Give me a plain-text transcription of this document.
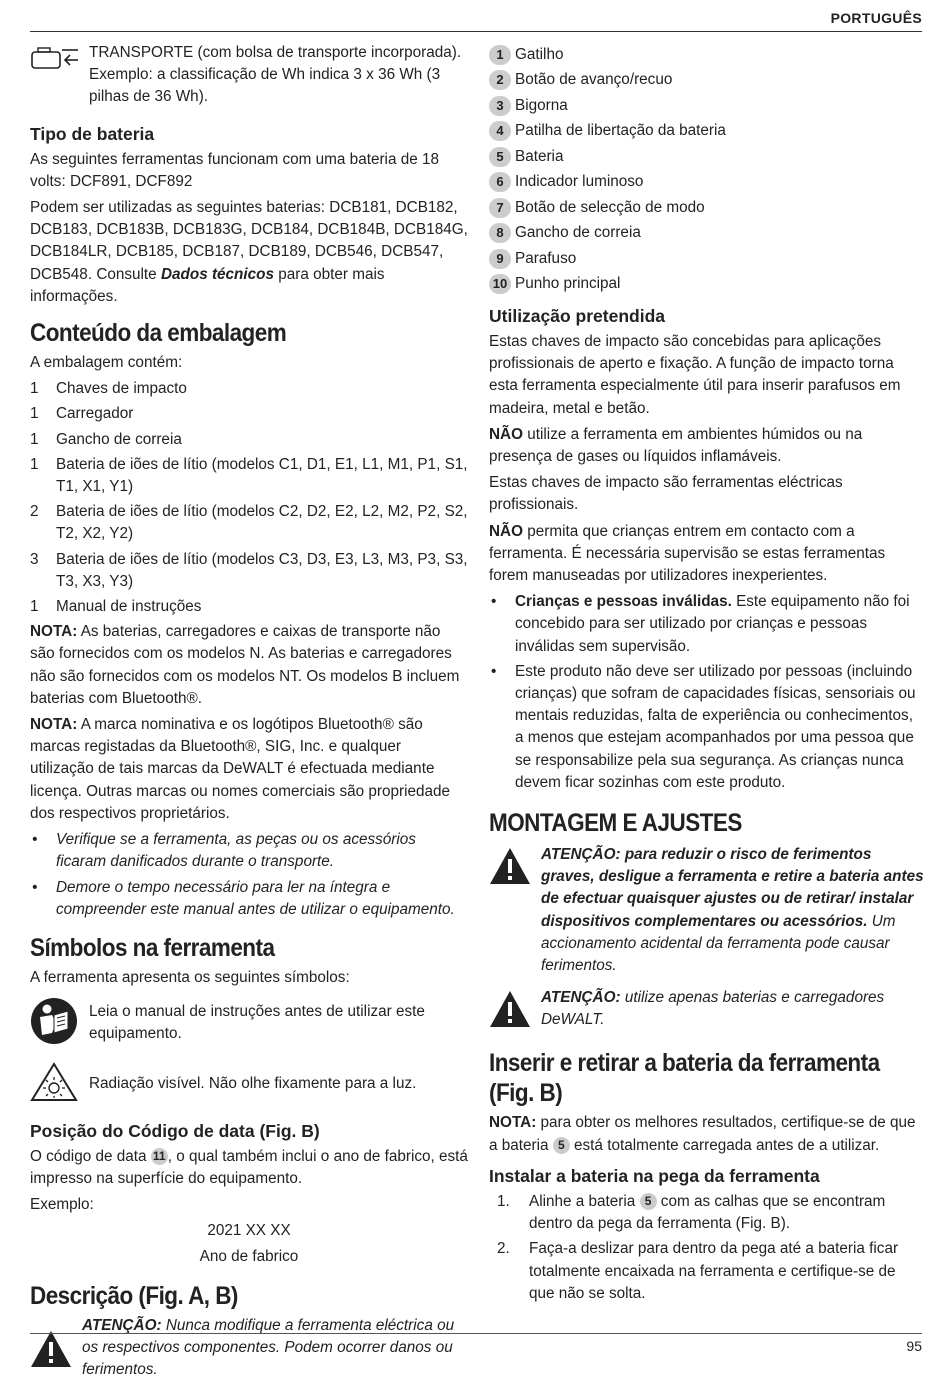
PORTUGUÊS

TRANSPORTE (com bolsa de transporte incorporada). Exemplo: a classificação de Wh indica 3 x 36 Wh (3 pilhas de 36 Wh).

Tipo de bateria

As seguintes ferramentas funcionam com uma bateria de 18 volts: DCF891, DCF892

Podem ser utilizadas as seguintes baterias: DCB181, DCB182, DCB183, DCB183B, DCB183G, DCB184, DCB184B, DCB184G, DCB184LR, DCB185, DCB187, DCB189, DCB546, DCB547, DCB548. Consulte Dados técnicos para obter mais informações.

Conteúdo da embalagem

A embalagem contém:

1	Chaves de impacto
1	Carregador
1	Gancho de correia
1	Bateria de iões de lítio (modelos C1, D1, E1, L1, M1, P1, S1, T1, X1, Y1)
2	Bateria de iões de lítio (modelos C2, D2, E2, L2, M2, P2, S2, T2, X2, Y2)
3	Bateria de iões de lítio (modelos C3, D3, E3, L3, M3, P3, S3, T3, X3, Y3)
1	Manual de instruções

NOTA: As baterias, carregadores e caixas de transporte não são fornecidos com os modelos N. As baterias e carregadores não são fornecidos com os modelos NT. Os modelos B incluem baterias com Bluetooth®.

NOTA: A marca nominativa e os logótipos Bluetooth® são marcas registadas da Bluetooth®, SIG, Inc. e qualquer utilização de tais marcas da DeWALT é efectuada mediante licença. Outras marcas ou nomes comerciais são propriedade dos respectivos proprietários.

•	Verifique se a ferramenta, as peças ou os acessórios ficaram danificados durante o transporte.
•	Demore o tempo necessário para ler na íntegra e compreender este manual antes de utilizar o equipamento.
Símbolos na ferramenta

A ferramenta apresenta os seguintes símbolos:

Leia o manual de instruções antes de utilizar este equipamento.

Radiação visível. Não olhe fixamente para a luz.

Posição do Código de data (Fig. B)

O código de data 11 , o qual também inclui o ano de fabrico, está impresso na superfície do equipamento.

Exemplo:

2021 XX XX

Ano de fabrico

Descrição (Fig. A, B)

ATENÇÃO: Nunca modifique a ferramenta eléctrica ou os respectivos componentes. Podem ocorrer danos ou ferimentos.

1 Gatilho
2 Botão de avanço/recuo
3 Bigorna
4 Patilha de libertação da bateria
5 Bateria
6 Indicador luminoso
7 Botão de selecção de modo
8 Gancho de correia
9 Parafuso
10 Punho principal
Utilização pretendida

Estas chaves de impacto são concebidas para aplicações profissionais de aperto e fixação. A função de impacto torna esta ferramenta especialmente útil para inserir parafusos em madeira, metal e betão.

NÃO utilize a ferramenta em ambientes húmidos ou na presença de gases ou líquidos inflamáveis.

Estas chaves de impacto são ferramentas eléctricas profissionais.

NÃO permita que crianças entrem em contacto com a ferramenta. É necessária supervisão se estas ferramentas forem manuseadas por utilizadores inexperientes.

•	Crianças e pessoas inválidas. Este equipamento não foi concebido para ser utilizado por crianças e pessoas inválidas sem supervisão.
•	Este produto não deve ser utilizado por pessoas (incluindo crianças) que sofram de capacidades físicas, sensoriais ou mentais reduzidas, falta de experiência ou conhecimentos, a menos que estejam acompanhados por uma pessoa que se responsabilize pela sua segurança. As crianças nunca devem ficar sozinhas com este produto.
MONTAGEM E AJUSTES

ATENÇÃO: para reduzir o risco de ferimentos graves, desligue a ferramenta e retire a bateria antes de efectuar quaisquer ajustes ou de retirar/ instalar dispositivos complementares ou acessórios. Um accionamento acidental da ferramenta pode causar ferimentos.

ATENÇÃO: utilize apenas baterias e carregadores DeWALT.

Inserir e retirar a bateria da ferramenta (Fig. B)

NOTA: para obter os melhores resultados, certifique-se de que a bateria 5 está totalmente carregada antes de a utilizar.

Instalar a bateria na pega da ferramenta
1.	Alinhe a bateria 5 com as calhas que se encontram dentro da pega da ferramenta (Fig. B).
2.	Faça-a deslizar para dentro da pega até a bateria ficar totalmente encaixada na ferramenta e certifique-se de que não se solta.
95
